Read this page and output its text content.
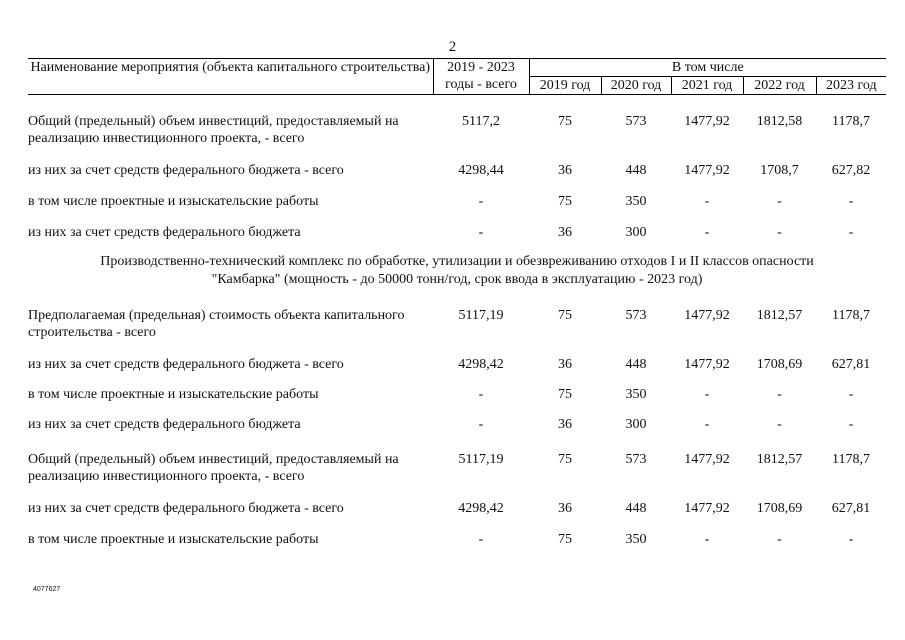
2
Наименование мероприятия (объекта капитального строительства)	2019 - 2023 годы - всего	В том числе				
		2019 год	2020 год	2021 год	2022 год	2023 год

Общий (предельный) объем инвестиций, предоставляемый на реализацию инвестиционного проекта, - всего	5117,2	75	573	1477,92	1812,58	1178,7
из них за счет средств федерального бюджета - всего	4298,44	36	448	1477,92	1708,7	627,82
в том числе проектные и изыскательские работы	-	75	350	-	-	-
из них за счет средств федерального бюджета	-	36	300	-	-	-

Производственно-технический комплекс по обработке, утилизации и обезвреживанию отходов I и II классов опасности
"Камбарка" (мощность - до 50000 тонн/год, срок ввода в эксплуатацию - 2023 год)						

Предполагаемая (предельная) стоимость объекта капитального строительства - всего	5117,19	75	573	1477,92	1812,57	1178,7
из них за счет средств федерального бюджета - всего	4298,42	36	448	1477,92	1708,69	627,81
в том числе проектные и изыскательские работы	-	75	350	-	-	-
из них за счет средств федерального бюджета	-	36	300	-	-	-
Общий (предельный) объем инвестиций, предоставляемый на реализацию инвестиционного проекта, - всего	5117,19	75	573	1477,92	1812,57	1178,7
из них за счет средств федерального бюджета - всего	4298,42	36	448	1477,92	1708,69	627,81
в том числе проектные и изыскательские работы	-	75	350	-	-	-
4077627
